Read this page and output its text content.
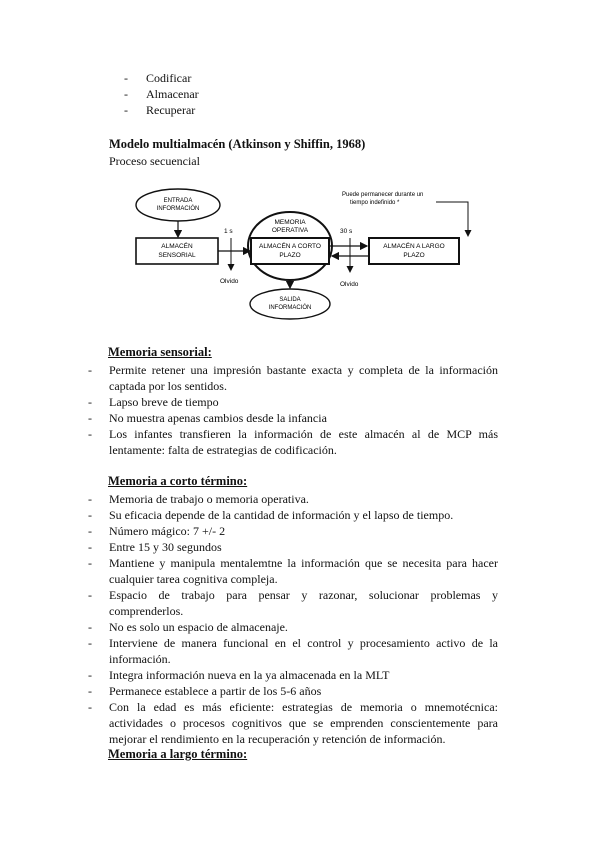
- Codificar
- Almacenar
- Recuperar
Modelo multialmacén (Atkinson y Shiffin, 1968)
Proceso secuencial
ENTRADA
INFORMACIÓN
ALMACÉN
SENSORIAL
1 s
Olvido
MEMORIA
OPERATIVA
ALMACÉN A CORTO
PLAZO
SALIDA
INFORMACIÓN
30 s
Olvido
ALMACÉN A LARGO
PLAZO
Puede permanecer durante un
tiempo indefinido *
Memoria sensorial:
- Permite retener una impresión bastante exacta y completa de la información captada por los sentidos.
- Lapso breve de tiempo
- No muestra apenas cambios desde la infancia
- Los infantes transfieren la información de este almacén al de MCP más lentamente: falta de estrategias de codificación.
Memoria a corto término:
- Memoria de trabajo o memoria operativa.
- Su eficacia depende de la cantidad de información y el lapso de tiempo.
- Número mágico: 7 +/- 2
- Entre 15 y 30 segundos
- Mantiene y manipula mentalemtne la información que se necesita para hacer cualquier tarea cognitiva compleja.
- Espacio de trabajo para pensar y razonar, solucionar problemas y comprenderlos.
- No es solo un espacio de almacenaje.
- Interviene de manera funcional en el control y procesamiento activo de la información.
- Integra información nueva en la ya almacenada en la MLT
- Permanece establece a partir de los 5-6 años
- Con la edad es más eficiente: estrategias de memoria o mnemotécnica: actividades o procesos cognitivos que se emprenden conscientemente para mejorar el rendimiento en la recuperación y retención de información.
Memoria a largo término:
